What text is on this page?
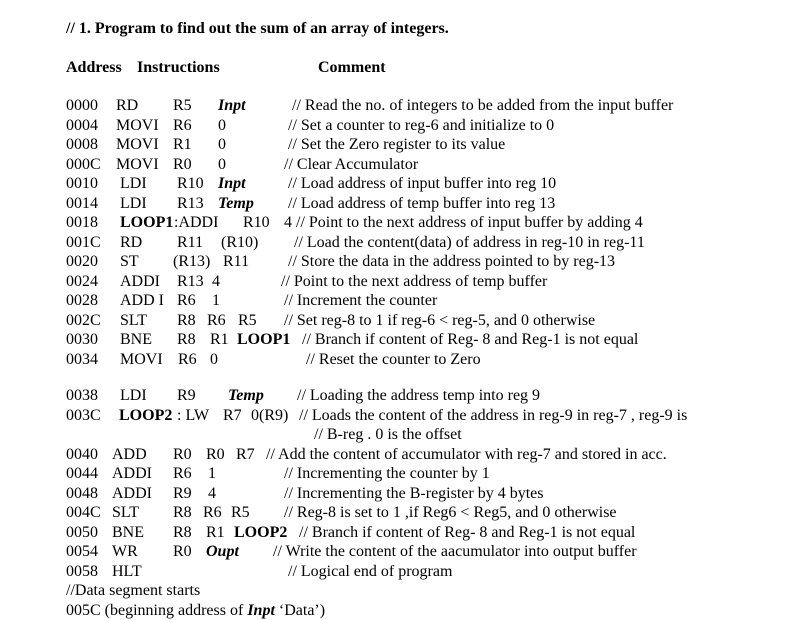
// 1. Program to find out the sum of an array of integers.
Address Instructions	Comment
0000 RD R5 Inpt	// Read the no. of integers to be added from the input buffer
0004 MOVI R6 0	// Set a counter to reg-6 and initialize to 0
0008 MOVI R1 0	// Set the Zero register to its value
000C MOVI R0 0	// Clear Accumulator
0010 LDI R10 Inpt	// Load address of input buffer into reg 10
0014 LDI R13 Temp // Load address of temp buffer into reg 13
0018 LOOP1 :ADDI R10 4 // Point to the next address of input buffer by adding 4
001C RD R11 (R10) // Load the content(data) of address in reg-10 in reg-11
0020 ST (R13) R11 // Store the data in the address pointed to by reg-13
0024 ADDI R13 4	// Point to the next address of temp buffer
0028 ADD I R6 1	// Increment the counter
002C SLT R8 R6 R5 // Set reg-8 to 1 if reg-6 < reg-5, and 0 otherwise
0030 BNE R8 R1 LOOP1 // Branch if content of Reg- 8 and Reg-1 is not equal
0034 MOVI R6 0	// Reset the counter to Zero
0038 LDI R9 Temp // Loading the address temp into reg 9
003C LOOP2 : LW R7 0(R9) // Loads the content of the address in reg-9 in reg-7 , reg-9 is
// B-reg . 0 is the offset
0040 ADD R0 R0 R7 // Add the content of accumulator with reg-7 and stored in acc.
0044 ADDI R6 1	// Incrementing the counter by 1
0048 ADDI R9 4	// Incrementing the B-register by 4 bytes
004C SLT R8 R6 R5 // Reg-8 is set to 1 ,if Reg6 < Reg5, and 0 otherwise
0050 BNE R8 R1 LOOP2 // Branch if content of Reg- 8 and Reg-1 is not equal
0054 WR R0 Oupt // Write the content of the aacumulator into output buffer
0058 HLT	// Logical end of program
//Data segment starts
005C (beginning address of Inpt ‘Data’)
